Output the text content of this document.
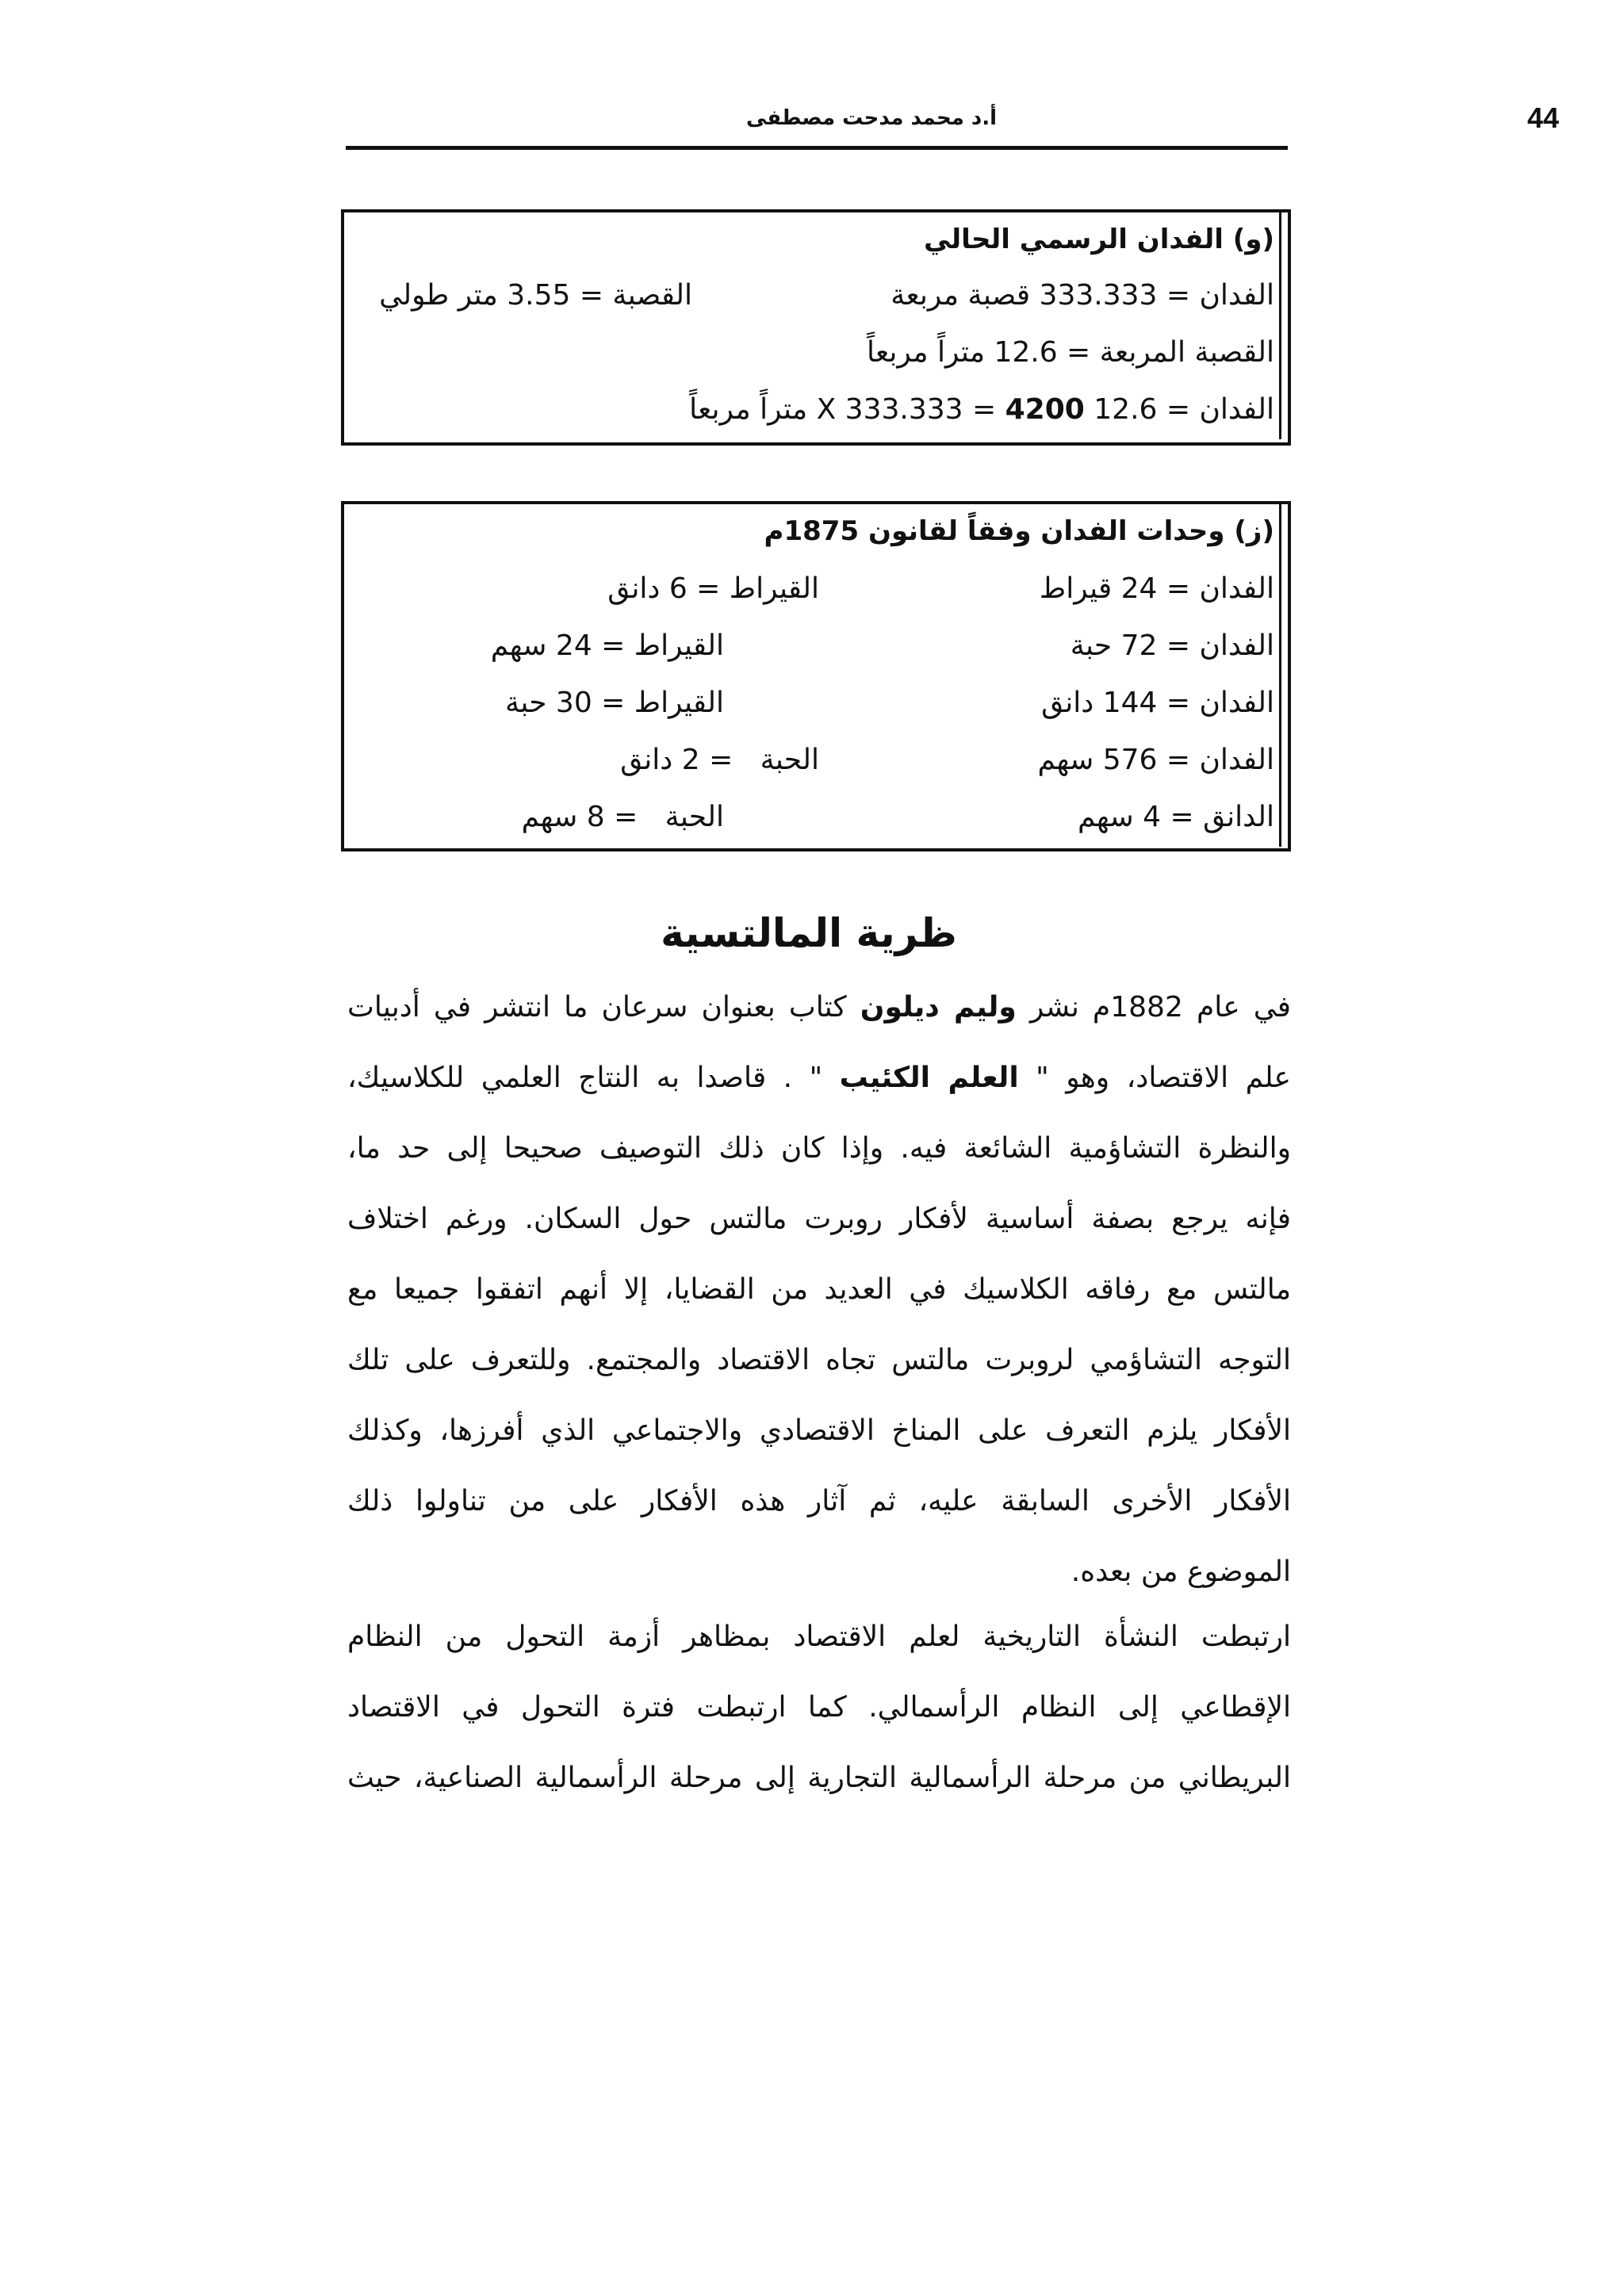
44
أ.د محمد مدحت مصطفى
(و) الفدان الرسمي الحالي
الفدان = 333.333 قصبة مربعة
القصبة = 3.55 متر طولي
القصبة المربعة = 12.6 متراً مربعاً
الفدان = 12.6 X 333.333 = 4200 متراً مربعاً
(ز) وحدات الفدان وفقاً لقانون 1875م
الفدان = 24 قيراط
القيراط = 6 دانق
الفدان = 72 حبة
القيراط = 24 سهم
الفدان = 144 دانق
القيراط = 30 حبة
الفدان = 576 سهم
الحبة   = 2 دانق
الدانق = 4 سهم
الحبة   = 8 سهم
ظرية المالتسية
في عام 1882م نشر وليم ديلون كتاب بعنوان سرعان ما انتشر في أدبيات
علم الاقتصاد، وهو " العلم الكئيب " . قاصدا به النتاج العلمي للكلاسيك،
والنظرة التشاؤمية الشائعة فيه. وإذا كان ذلك التوصيف صحيحا إلى حد ما،
فإنه يرجع بصفة أساسية لأفكار روبرت مالتس حول السكان. ورغم اختلاف
مالتس مع رفاقه الكلاسيك في العديد من القضايا، إلا أنهم اتفقوا جميعا مع
التوجه التشاؤمي لروبرت مالتس تجاه الاقتصاد والمجتمع. وللتعرف على تلك
الأفكار يلزم التعرف على المناخ الاقتصادي والاجتماعي الذي أفرزها، وكذلك
الأفكار الأخرى السابقة عليه، ثم آثار هذه الأفكار على من تناولوا ذلك
الموضوع من بعده.
ارتبطت النشأة التاريخية لعلم الاقتصاد بمظاهر أزمة التحول من النظام
الإقطاعي إلى النظام الرأسمالي. كما ارتبطت فترة التحول في الاقتصاد
البريطاني من مرحلة الرأسمالية التجارية إلى مرحلة الرأسمالية الصناعية، حيث
